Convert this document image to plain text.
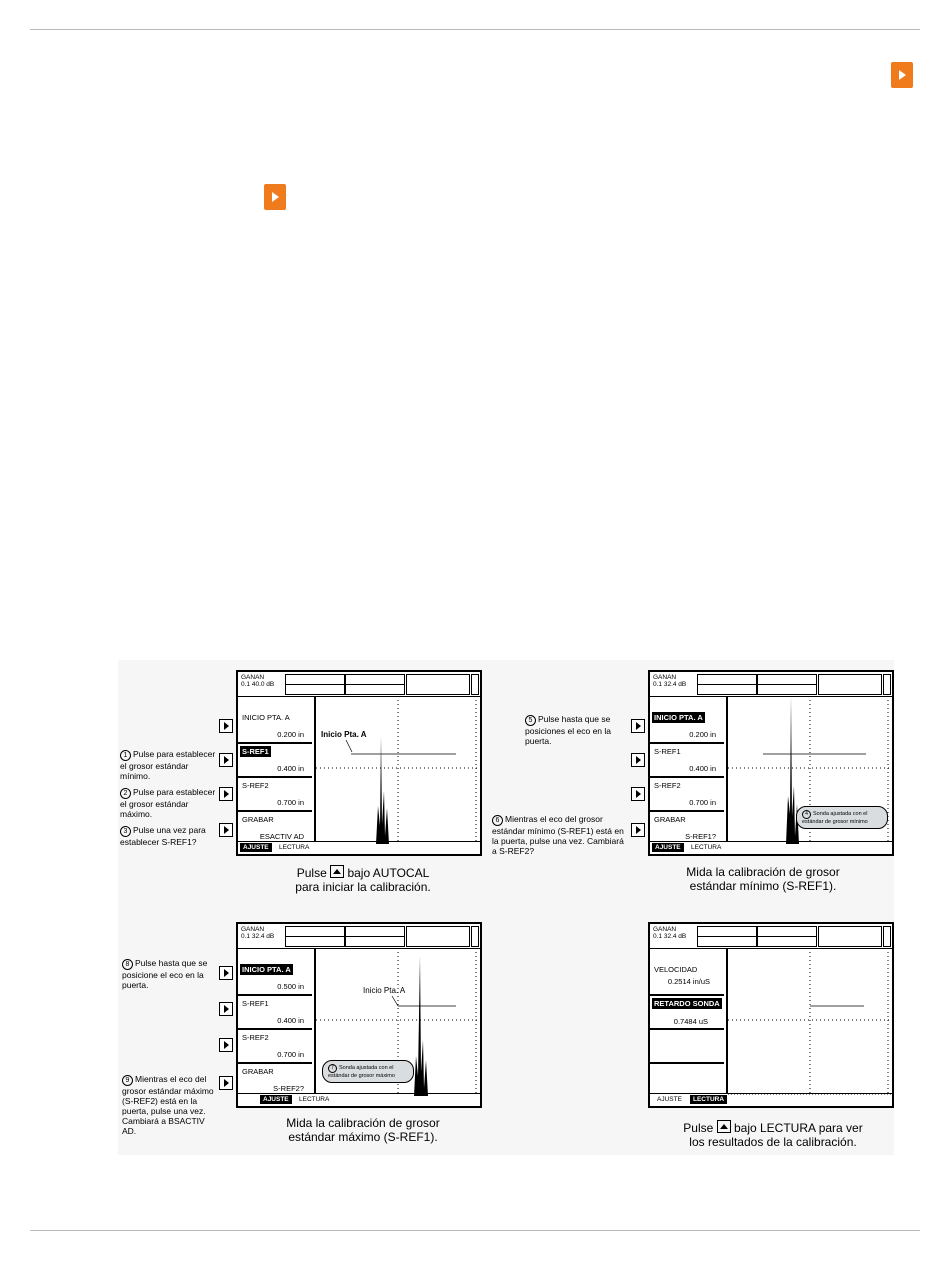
GANAN
0.1 40.0 dB
INICIO PTA. A
0.200 in
S-REF1
0.400 in
S-REF2
0.700 in
GRABAR
ESACTIV AD
Inicio Pta. A
AJUSTE	LECTURA
1 Pulse para establecer el grosor estándar mínimo.
2 Pulse para establecer el grosor estándar máximo.
3 Pulse una vez para establecer S-REF1?
Pulse bajo AUTOCAL
para iniciar la calibración.
GANAN
0.1 32.4 dB
INICIO PTA. A
0.200 in
S-REF1
0.400 in
S-REF2
0.700 in
GRABAR
S-REF1?
4 Sonda ajustada con el estándar de grosor mínimo
AJUSTE	LECTURA
5 Pulse hasta que se posiciones el eco en la puerta.
6 Mientras el eco del grosor estándar mínimo (S-REF1) está en la puerta, pulse una vez. Cambiará a S-REF2?
Mida la calibración de grosor
estándar mínimo (S-REF1).
GANAN
0.1 32.4 dB
INICIO PTA. A
0.500 in
S-REF1
0.400 in
S-REF2
0.700 in
GRABAR
S-REF2?
Inicio Pta. A
7 Sonda ajustada con el estándar de grosor máximo
AJUSTE	LECTURA
8 Pulse hasta que se posicione el eco en la puerta.
9 Mientras el eco del grosor estándar máximo (S-REF2) está en la puerta, pulse una vez. Cambiará a BSACTIV AD.
Mida la calibración de grosor
estándar máximo (S-REF1).
GANAN
0.1 32.4 dB
VELOCIDAD
0.2514 in/uS
RETARDO SONDA
0.7484 uS
AJUSTE	LECTURA
Pulse bajo LECTURA para ver
los resultados de la calibración.
